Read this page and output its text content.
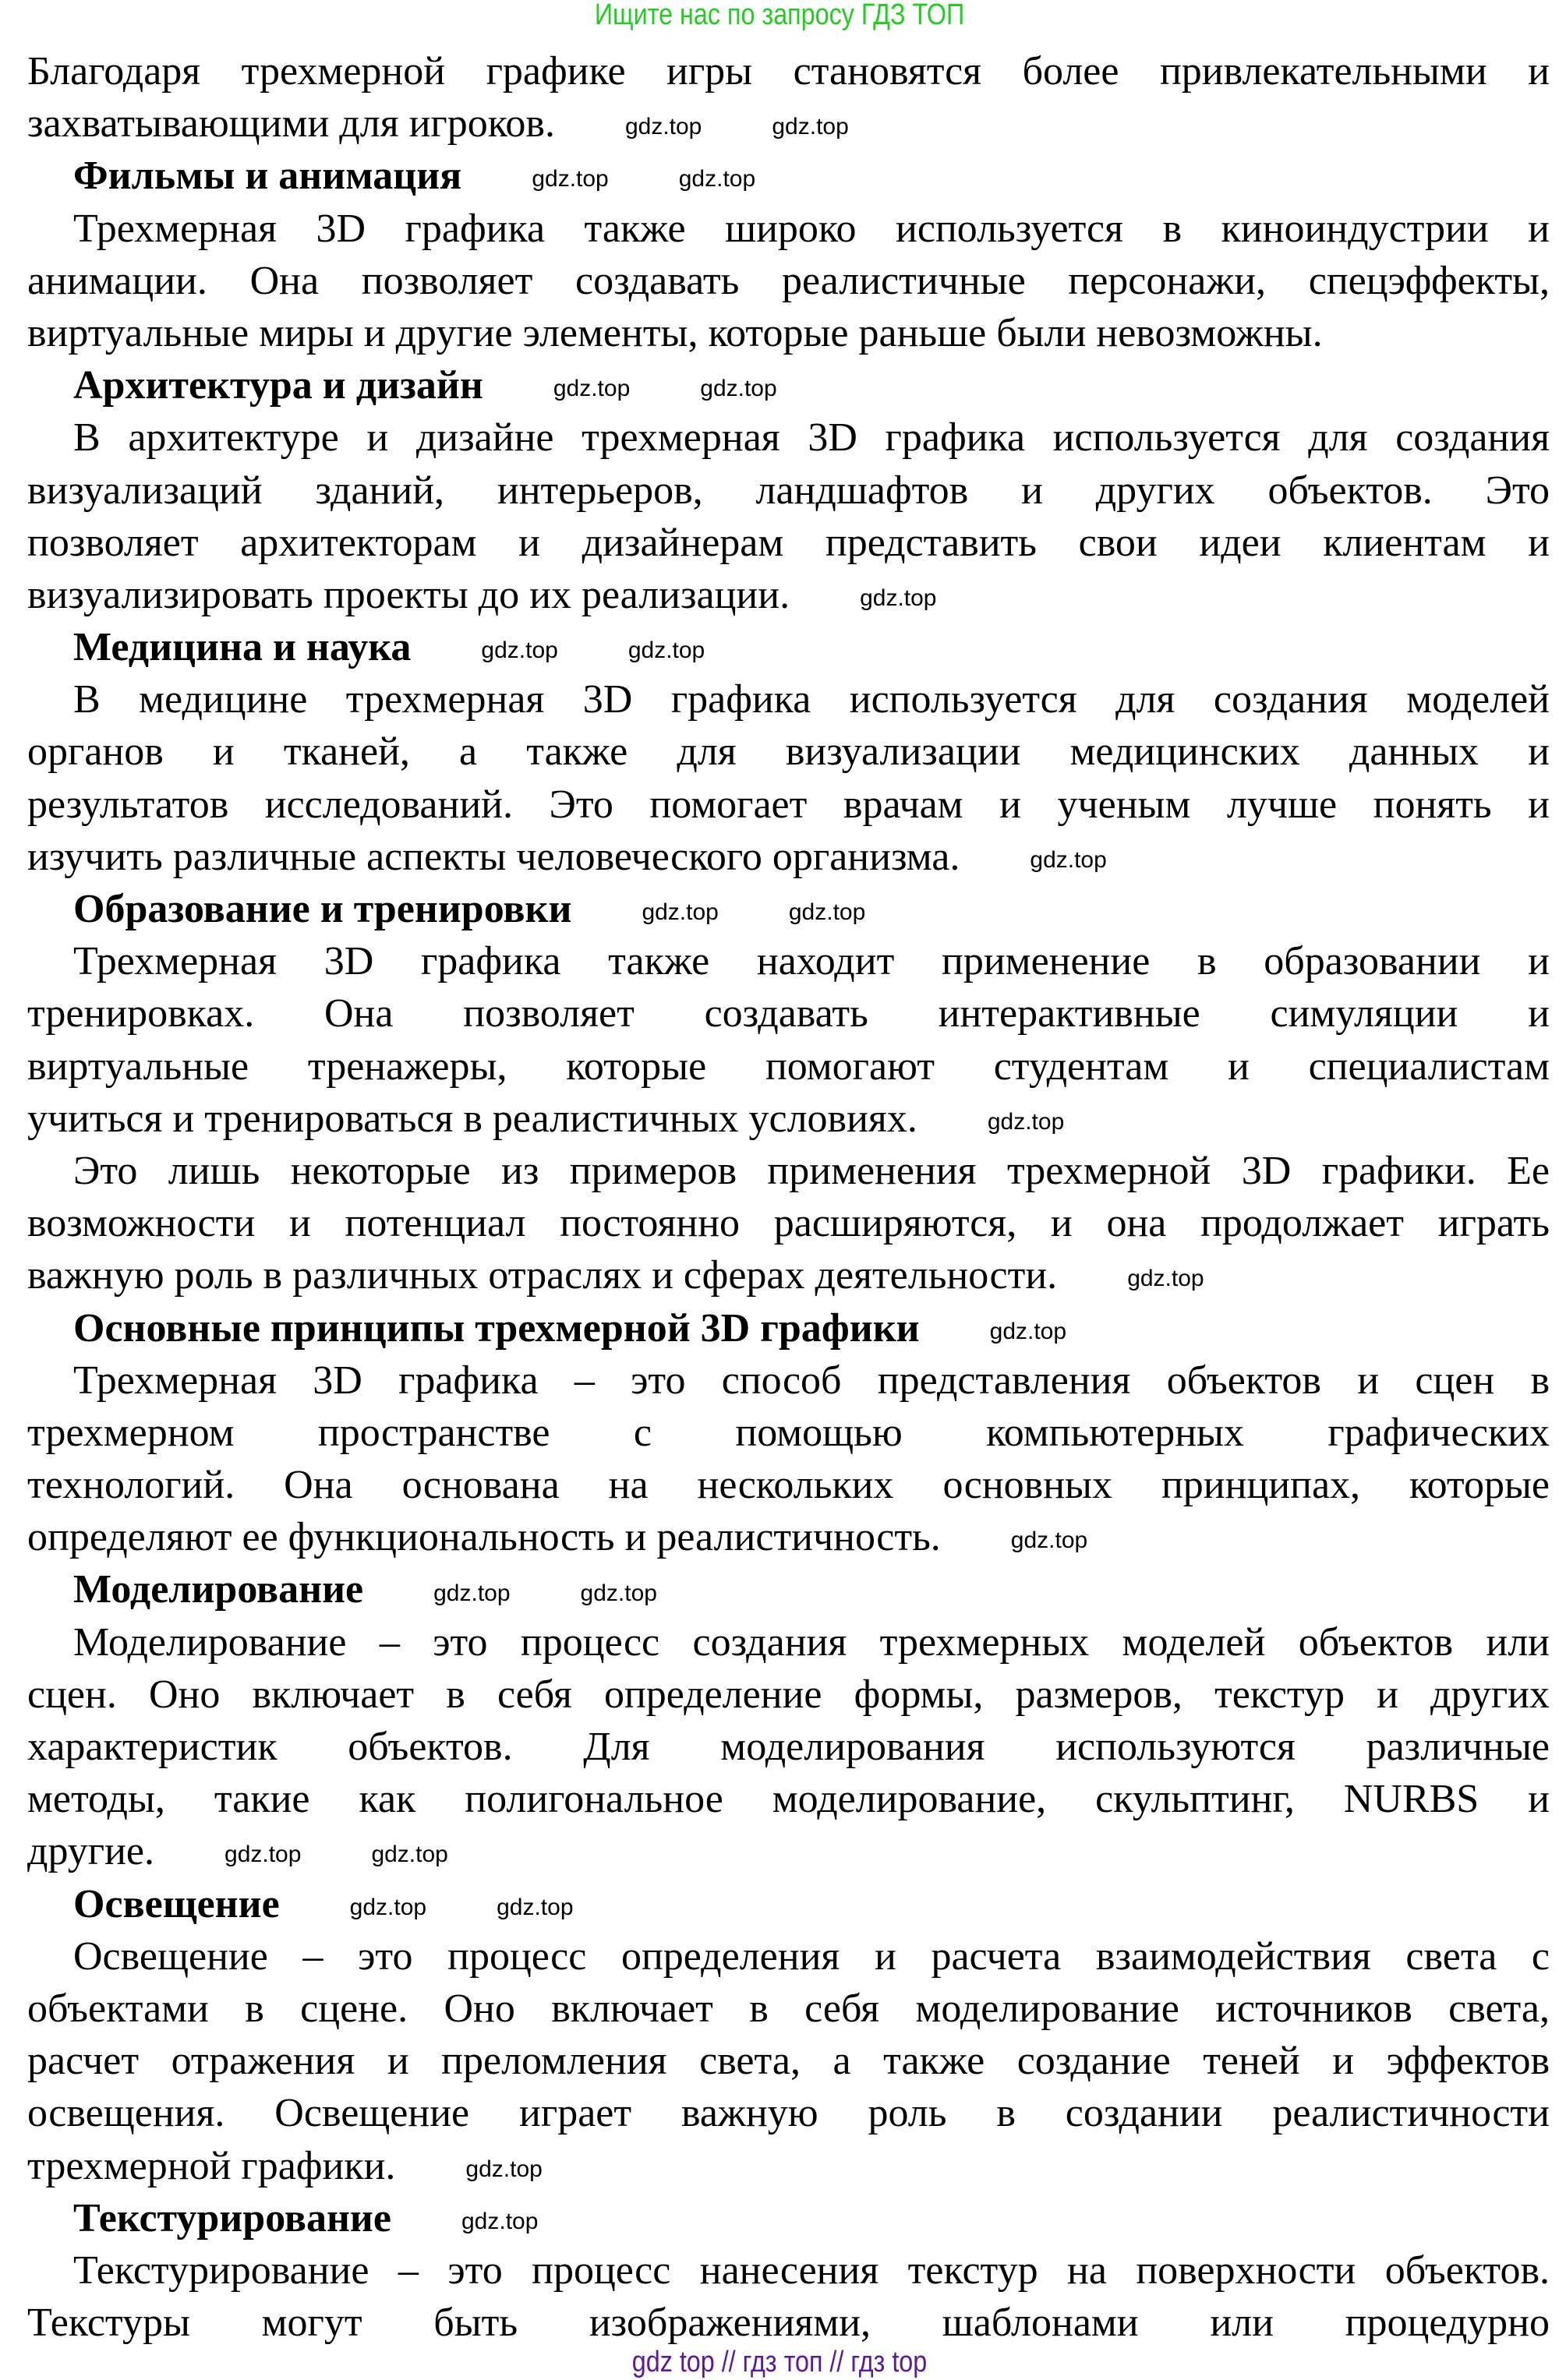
Ищите нас по запросу ГДЗ ТОП
Благодаря трехмерной графике игры становятся более привлекательными и
захватывающими для игроков.	gdz.top	gdz.top
Фильмы и анимация	gdz.top	gdz.top
Трехмерная 3D графика также широко используется в киноиндустрии и
анимации. Она позволяет создавать реалистичные персонажи, спецэффекты,
виртуальные миры и другие элементы, которые раньше были невозможны.
Архитектура и дизайн	gdz.top	gdz.top
В архитектуре и дизайне трехмерная 3D графика используется для создания
визуализаций зданий, интерьеров, ландшафтов и других объектов. Это
позволяет архитекторам и дизайнерам представить свои идеи клиентам и
визуализировать проекты до их реализации.	gdz.top
Медицина и наука	gdz.top	gdz.top
В медицине трехмерная 3D графика используется для создания моделей
органов и тканей, а также для визуализации медицинских данных и
результатов исследований. Это помогает врачам и ученым лучше понять и
изучить различные аспекты человеческого организма.	gdz.top
Образование и тренировки	gdz.top	gdz.top
Трехмерная 3D графика также находит применение в образовании и
тренировках. Она позволяет создавать интерактивные симуляции и
виртуальные тренажеры, которые помогают студентам и специалистам
учиться и тренироваться в реалистичных условиях.	gdz.top
Это лишь некоторые из примеров применения трехмерной 3D графики. Ее
возможности и потенциал постоянно расширяются, и она продолжает играть
важную роль в различных отраслях и сферах деятельности.	gdz.top
Основные принципы трехмерной 3D графики	gdz.top
Трехмерная 3D графика – это способ представления объектов и сцен в
трехмерном пространстве с помощью компьютерных графических
технологий. Она основана на нескольких основных принципах, которые
определяют ее функциональность и реалистичность.	gdz.top
Моделирование	gdz.top	gdz.top
Моделирование – это процесс создания трехмерных моделей объектов или
сцен. Оно включает в себя определение формы, размеров, текстур и других
характеристик объектов. Для моделирования используются различные
методы, такие как полигональное моделирование, скульптинг, NURBS и
другие.	gdz.top	gdz.top
Освещение	gdz.top	gdz.top
Освещение – это процесс определения и расчета взаимодействия света с
объектами в сцене. Оно включает в себя моделирование источников света,
расчет отражения и преломления света, а также создание теней и эффектов
освещения. Освещение играет важную роль в создании реалистичности
трехмерной графики.	gdz.top
Текстурирование	gdz.top
Текстурирование – это процесс нанесения текстур на поверхности объектов.
Текстуры могут быть изображениями, шаблонами или процедурно
gdz top // гдз топ // гдз top
